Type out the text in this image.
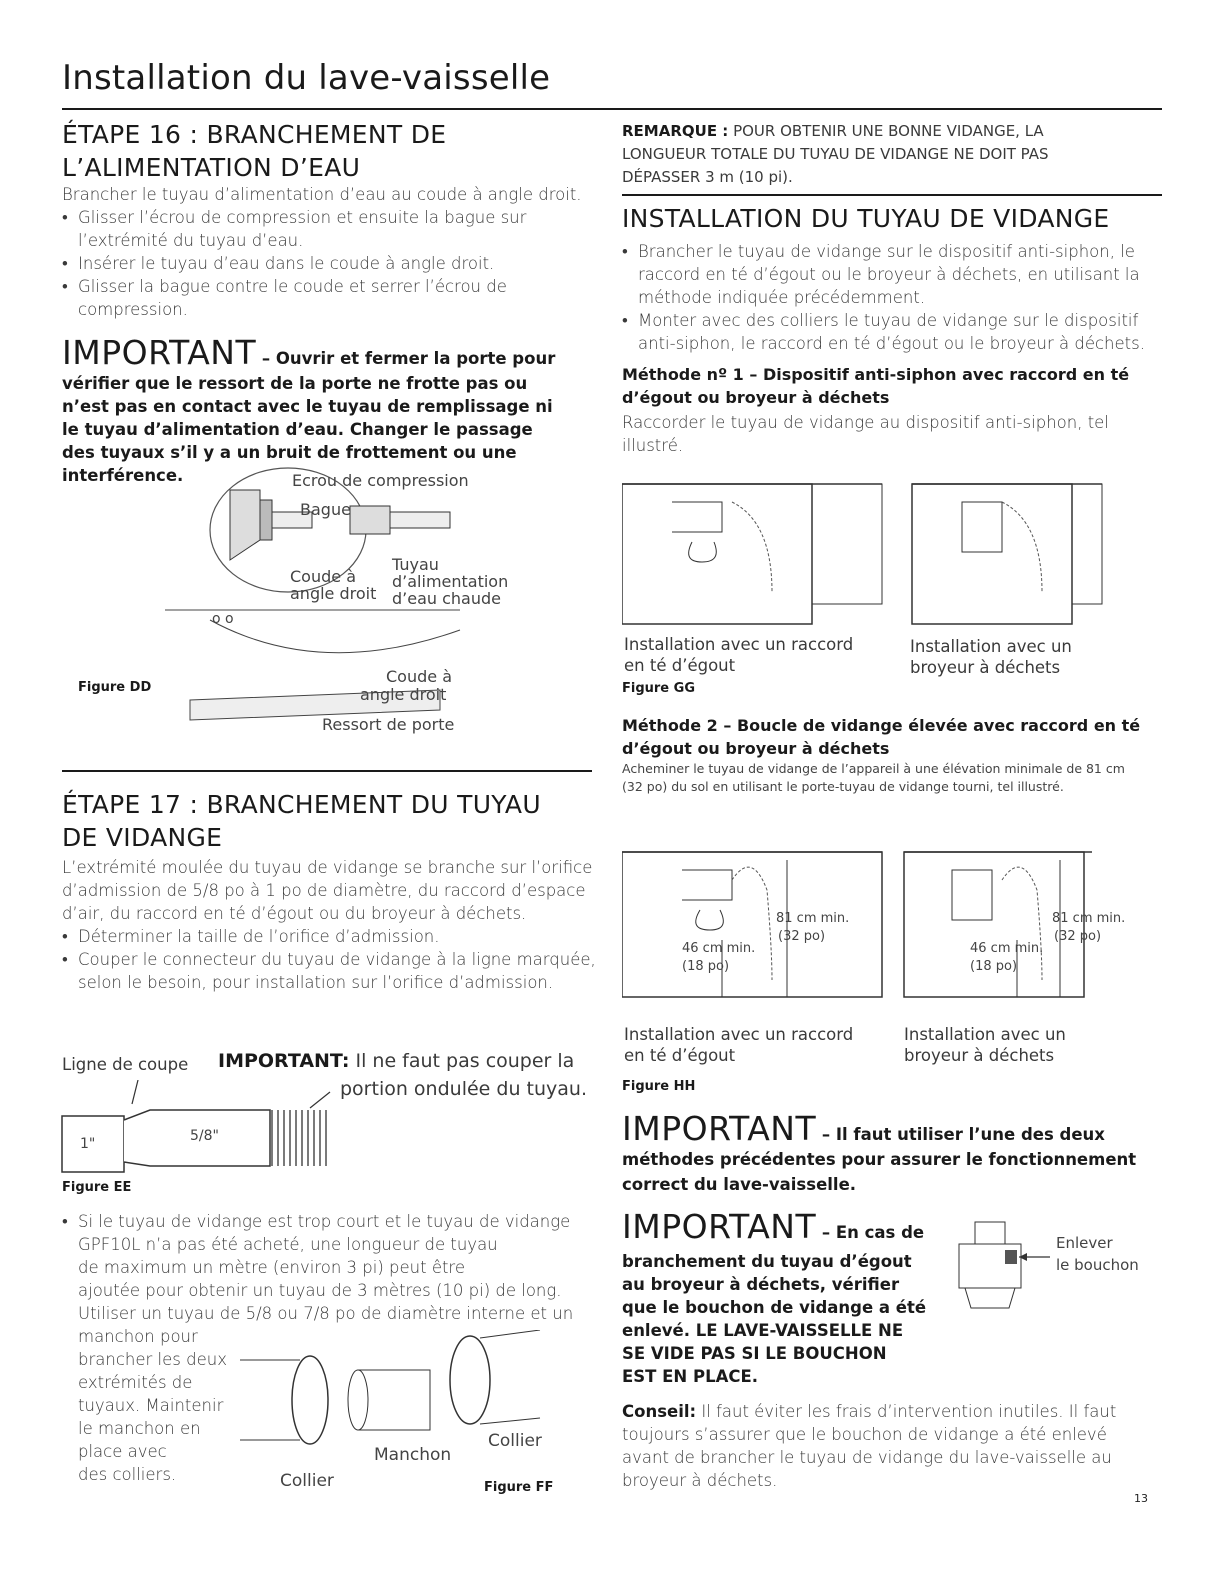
Installation du lave-vaisselle
ÉTAPE 16 : BRANCHEMENT DE
L’ALIMENTATION D’EAU
Brancher le tuyau d’alimentation d’eau au coude à angle droit.
• Glisser l’écrou de compression et ensuite la bague sur l’extrémité du tuyau d’eau.
• Insérer le tuyau d’eau dans le coude à angle droit.
• Glisser la bague contre le coude et serrer l’écrou de compression.
IMPORTANT – Ouvrir et fermer la porte pour vérifier que le ressort de la porte ne frotte pas ou n’est pas en contact avec le tuyau de remplissage ni le tuyau d’alimentation d’eau. Changer le passage des tuyaux s’il y a un bruit de frottement ou une interférence.
o o
Ecrou de compression
Bague
Coude à
angle droit
Tuyau
d’alimentation
d’eau chaude
Coude à
angle droit
Ressort de porte
Figure DD
ÉTAPE 17 : BRANCHEMENT DU TUYAU
DE VIDANGE
L’extrémité moulée du tuyau de vidange se branche sur l’orifice d’admission de 5/8 po à 1 po de diamètre, du raccord d’espace d’air, du raccord en té d’égout ou du broyeur à déchets.
• Déterminer la taille de l’orifice d’admission.
• Couper le connecteur du tuyau de vidange à la ligne marquée, selon le besoin, pour installation sur l’orifice d’admission.
Ligne de coupe IMPORTANT: Il ne faut pas couper la
portion ondulée du tuyau.
1"	5/8"
Figure EE
• Si le tuyau de vidange est trop court et le tuyau de vidange
GPF10L n’a pas été acheté, une longueur de tuyau
de maximum un mètre (environ 3 pi) peut être
ajoutée pour obtenir un tuyau de 3 mètres (10 pi) de long.
Utiliser un tuyau de 5/8 ou 7/8 po de diamètre interne et un
manchon pour
brancher les deux
extrémités de
tuyaux. Maintenir
le manchon en
place avec
des colliers.	Collier
Manchon
Collier
Figure FF
REMARQUE : POUR OBTENIR UNE BONNE VIDANGE, LA
LONGUEUR TOTALE DU TUYAU DE VIDANGE NE DOIT PAS
DÉPASSER 3 m (10 pi).
INSTALLATION DU TUYAU DE VIDANGE
• Brancher le tuyau de vidange sur le dispositif anti-siphon, le raccord en té d’égout ou le broyeur à déchets, en utilisant la méthode indiquée précédemment.
• Monter avec des colliers le tuyau de vidange sur le dispositif anti-siphon, le raccord en té d’égout ou le broyeur à déchets.
Méthode nº 1 – Dispositif anti-siphon avec raccord en té d’égout ou broyeur à déchets
Raccorder le tuyau de vidange au dispositif anti-siphon, tel illustré.
Installation avec un raccord
en té d’égout
Installation avec un
broyeur à déchets
Figure GG
Méthode 2 – Boucle de vidange élevée avec raccord en té d’égout ou broyeur à déchets
Acheminer le tuyau de vidange de l’appareil à une élévation minimale de 81 cm (32 po) du sol en utilisant le porte-tuyau de vidange tourni, tel illustré.
81 cm min.
(32 po)
46 cm min.
(18 po)
81 cm min.
(32 po)
46 cm min.
(18 po)
Installation avec un raccord
en té d’égout
Installation avec un
broyeur à déchets
Figure HH
IMPORTANT – Il faut utiliser l’une des deux méthodes précédentes pour assurer le fonctionnement correct du lave-vaisselle.
IMPORTANT – En cas de
branchement du tuyau d’égout
au broyeur à déchets, vérifier
que le bouchon de vidange a été
enlevé. LE LAVE-VAISSELLE NE
SE VIDE PAS SI LE BOUCHON
EST EN PLACE.
Enlever
le bouchon
Conseil: Il faut éviter les frais d’intervention inutiles. Il faut toujours s’assurer que le bouchon de vidange a été enlevé avant de brancher le tuyau de vidange du lave-vaisselle au broyeur à déchets.
13
